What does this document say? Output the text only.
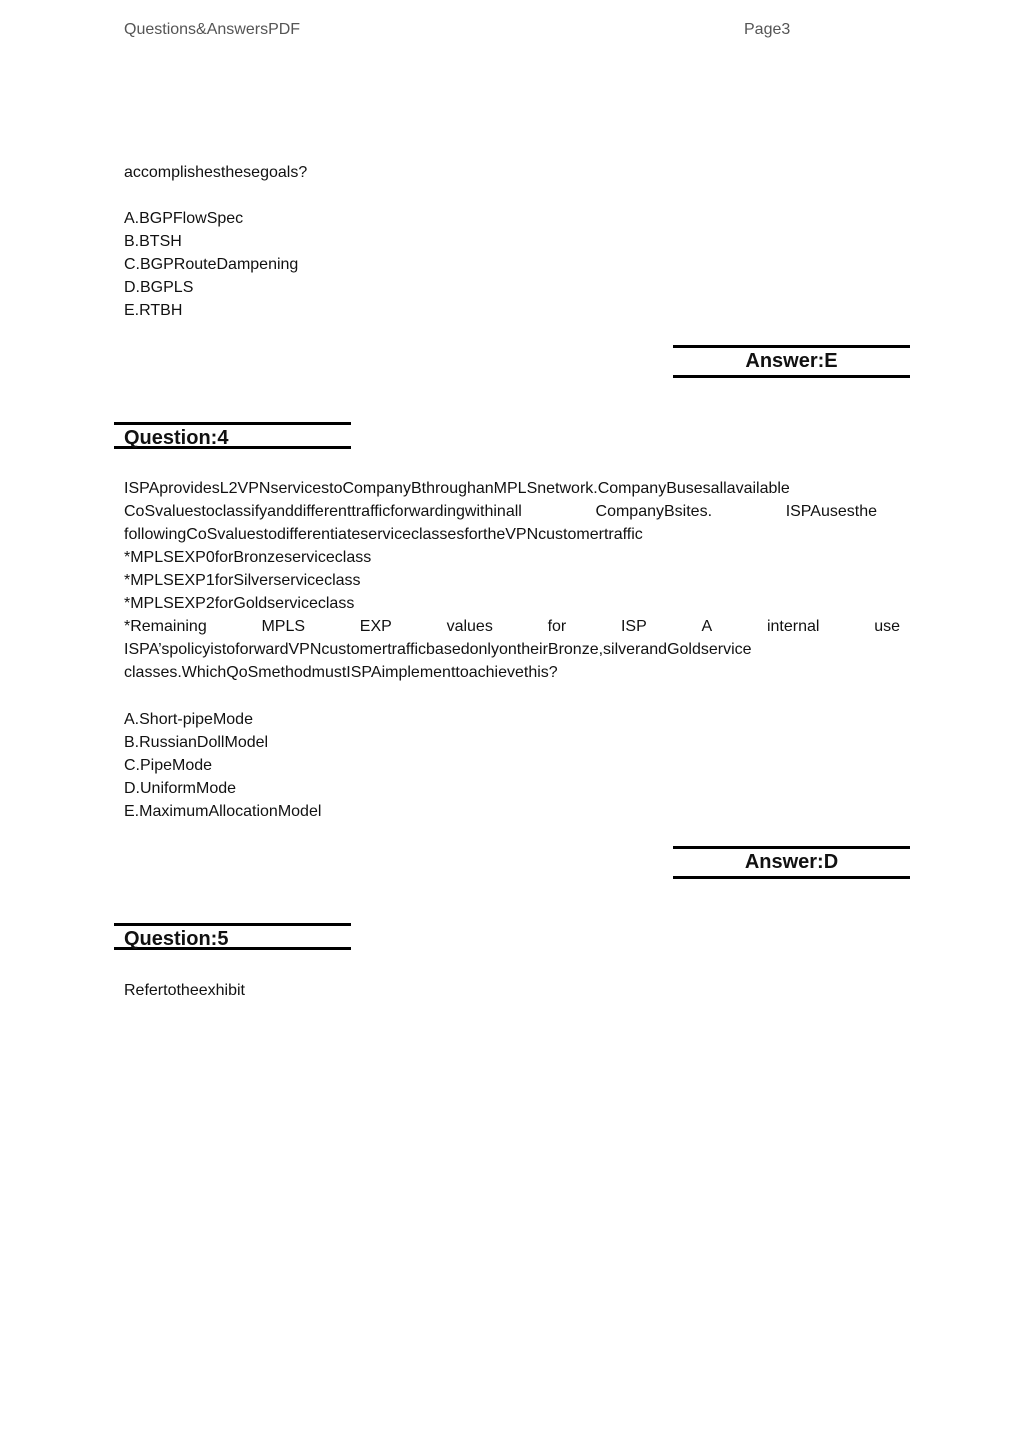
Questions&AnswersPDF	Page3
accomplishesthesegoals?
A.BGPFlowSpec
B.BTSH
C.BGPRouteDampening
D.BGPLS
E.RTBH
Answer:E
Question:4
ISPAprovidesL2VPNservicestoCompanyBthroughanMPLSnetwork.CompanyBusesallavailable
CoSvaluestoclassifyanddifferenttrafficforwardingwithinall	CompanyBsites.	ISPAusesthe
followingCoSvaluestodifferentiateserviceclassesfortheVPNcustomertraffic
*MPLSEXP0forBronzeserviceclass
*MPLSEXP1forSilverserviceclass
*MPLSEXP2forGoldserviceclass
*Remaining	MPLS	EXP	values	for	ISP	A	internal	use
ISPA’spolicyistoforwardVPNcustomertrafficbasedonlyontheirBronze,silverandGoldservice
classes.WhichQoSmethodmustISPAimplementtoachievethis?
A.Short-pipeMode
B.RussianDollModel
C.PipeMode
D.UniformMode
E.MaximumAllocationModel
Answer:D
Question:5
Refertotheexhibit
